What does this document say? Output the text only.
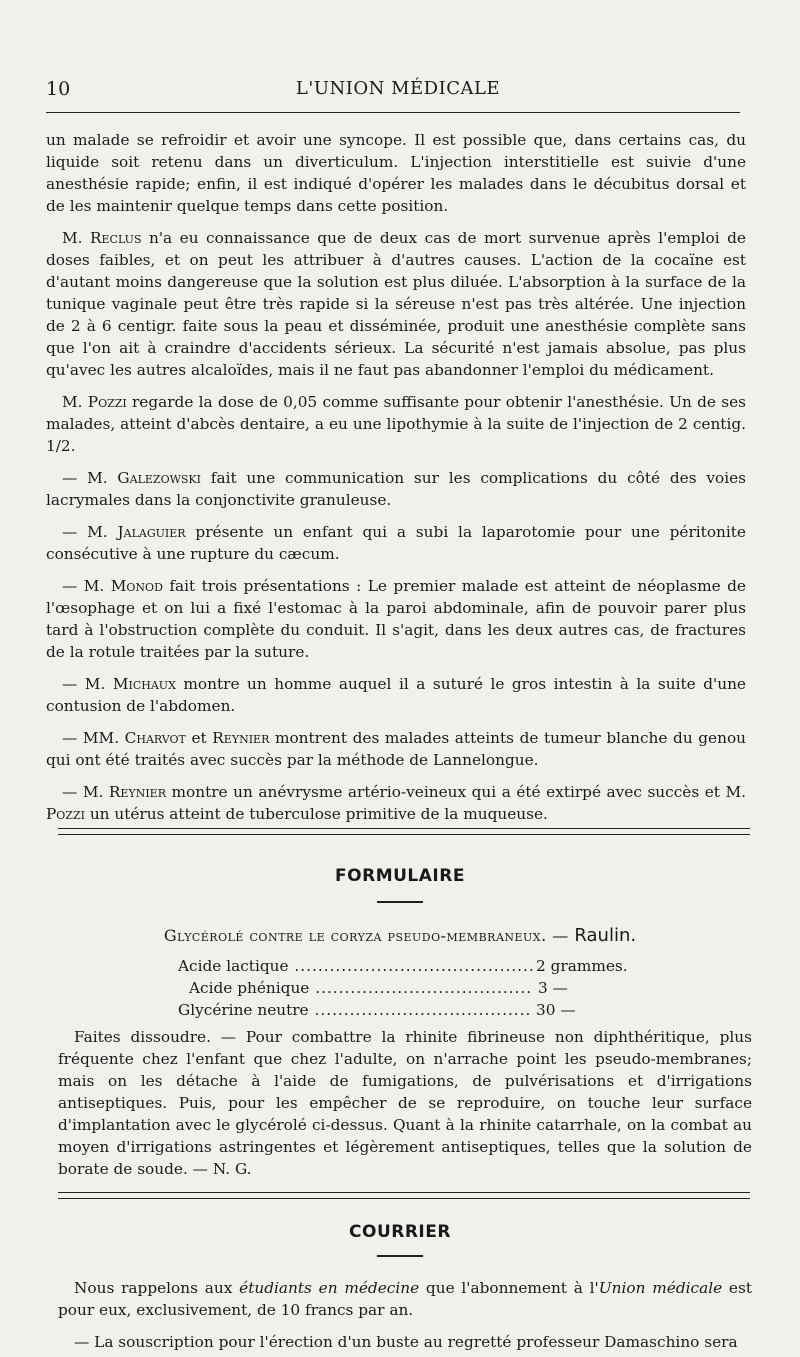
10	L'UNION MÉDICALE

un malade se refroidir et avoir une syncope. Il est possible que, dans certains cas, du liquide soit retenu dans un diverticulum. L'injection interstitielle est suivie d'une anesthésie rapide; enfin, il est indiqué d'opérer les malades dans le décubitus dorsal et de les maintenir quelque temps dans cette position.

M. Reclus n'a eu connaissance que de deux cas de mort survenue après l'emploi de doses faibles, et on peut les attribuer à d'autres causes. L'action de la cocaïne est d'autant moins dangereuse que la solution est plus diluée. L'absorption à la surface de la tunique vaginale peut être très rapide si la séreuse n'est pas très altérée. Une injection de 2 à 6 centigr. faite sous la peau et disséminée, produit une anesthésie complète sans que l'on ait à craindre d'accidents sérieux. La sécurité n'est jamais absolue, pas plus qu'avec les autres alcaloïdes, mais il ne faut pas abandonner l'emploi du médicament.

M. Pozzi regarde la dose de 0,05 comme suffisante pour obtenir l'anesthésie. Un de ses malades, atteint d'abcès dentaire, a eu une lipothymie à la suite de l'injection de 2 centig. 1/2.

— M. Galezowski fait une communication sur les complications du côté des voies lacrymales dans la conjonctivite granuleuse.

— M. Jalaguier présente un enfant qui a subi la laparotomie pour une péritonite consécutive à une rupture du cæcum.

— M. Monod fait trois présentations : Le premier malade est atteint de néoplasme de l'œsophage et on lui a fixé l'estomac à la paroi abdominale, afin de pouvoir parer plus tard à l'obstruction complète du conduit. Il s'agit, dans les deux autres cas, de fractures de la rotule traitées par la suture.

— M. Michaux montre un homme auquel il a suturé le gros intestin à la suite d'une contusion de l'abdomen.

— MM. Charvot et Reynier montrent des malades atteints de tumeur blanche du genou qui ont été traités avec succès par la méthode de Lannelongue.

— M. Reynier montre un anévrysme artério-veineux qui a été extirpé avec succès et M. Pozzi un utérus atteint de tuberculose primitive de la muqueuse.

FORMULAIRE
Glycérolé contre le coryza pseudo-membraneux. — Raulin.
Acide lactique .....	2 grammes.
Acide phénique .....	3 —
Glycérine neutre .....	30 —

Faites dissoudre. — Pour combattre la rhinite fibrineuse non diphthéritique, plus fréquente chez l'enfant que chez l'adulte, on n'arrache point les pseudo-membranes; mais on les détache à l'aide de fumigations, de pulvérisations et d'irrigations antiseptiques. Puis, pour les empêcher de se reproduire, on touche leur surface d'implantation avec le glycérolé ci-dessus. Quant à la rhinite catarrhale, on la combat au moyen d'irrigations astringentes et légèrement antiseptiques, telles que la solution de borate de soude. — N. G.

COURRIER

Nous rappelons aux étudiants en médecine que l'abonnement à l'Union médicale est pour eux, exclusivement, de 10 francs par an.

— La souscription pour l'érection d'un buste au regretté professeur Damaschino sera
